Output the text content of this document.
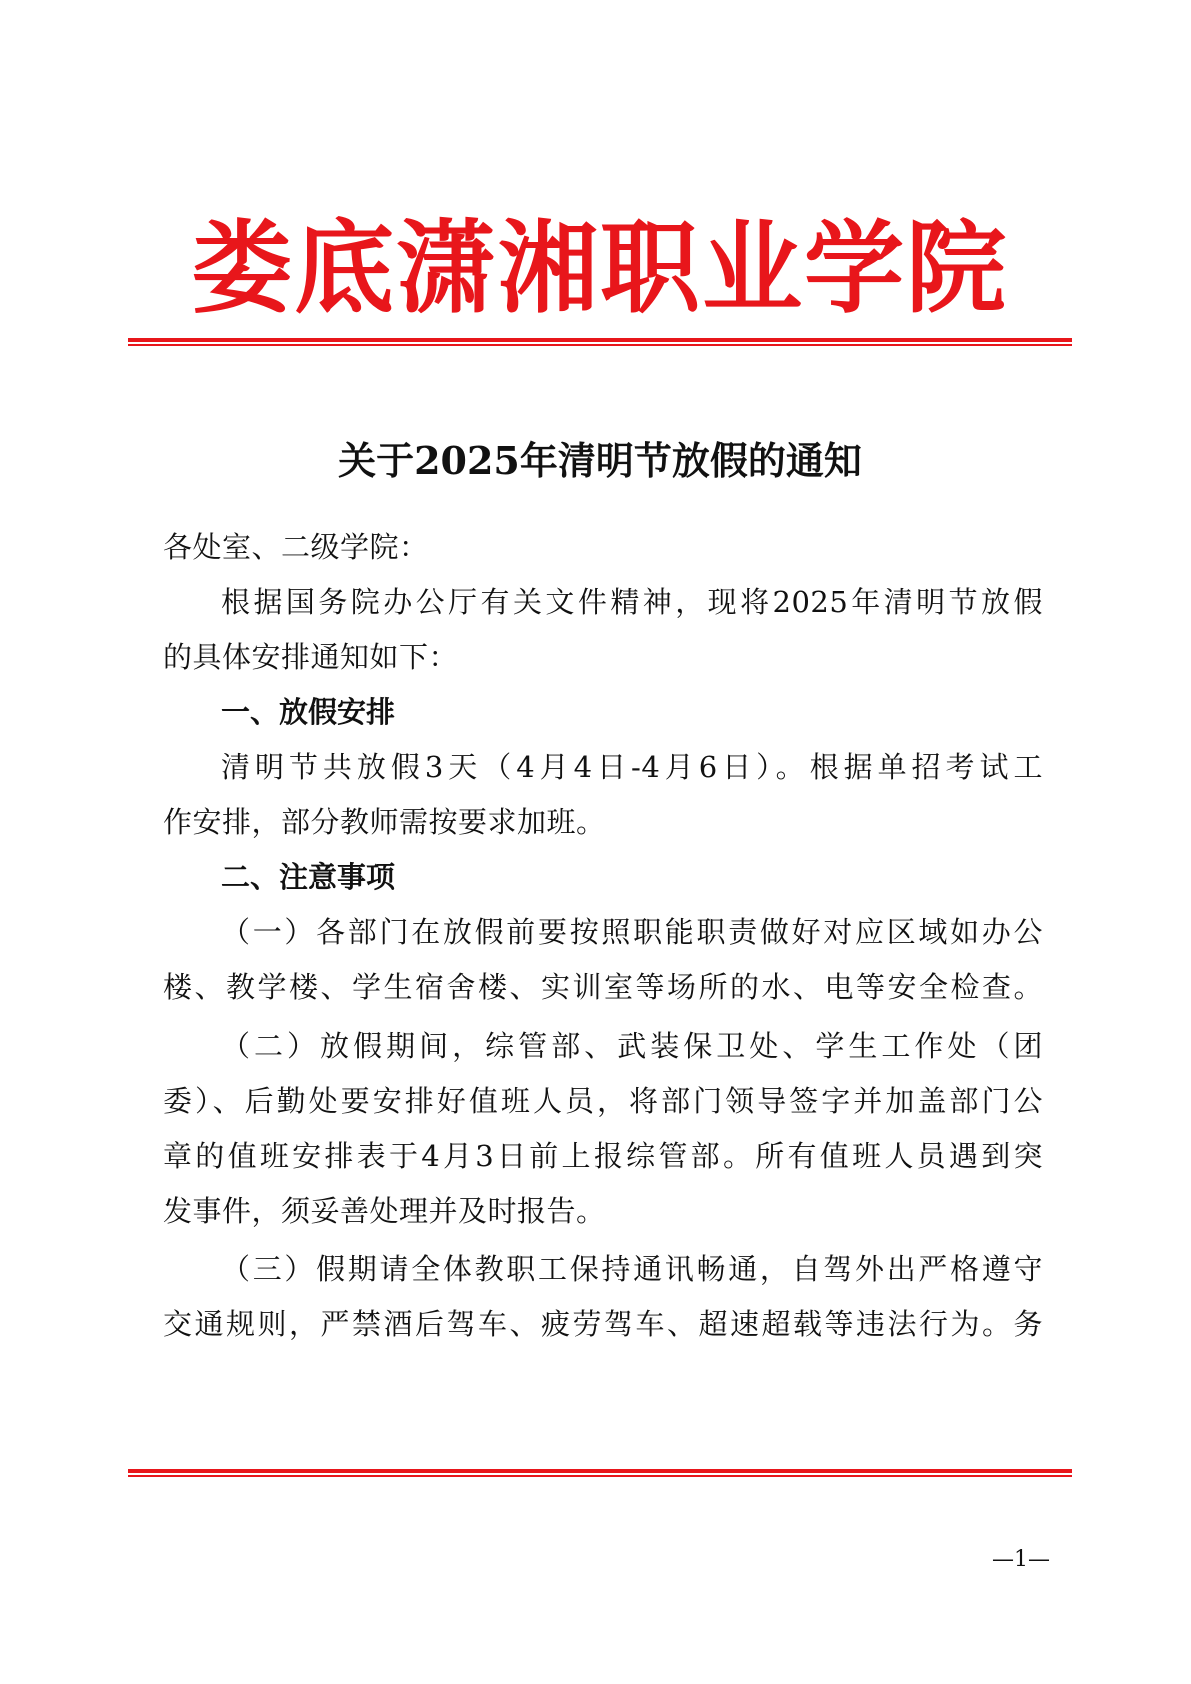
娄底潇湘职业学院
关于2025年清明节放假的通知
各处室、二级学院：
根据国务院办公厅有关文件精神，现将2025年清明节放假
的具体安排通知如下：
一、放假安排
清明节共放假3天（4月4日-4月6日）。根据单招考试工
作安排，部分教师需按要求加班。
二、注意事项
（一）各部门在放假前要按照职能职责做好对应区域如办公
楼、教学楼、学生宿舍楼、实训室等场所的水、电等安全检查。
（二）放假期间，综管部、武装保卫处、学生工作处（团
委）、后勤处要安排好值班人员，将部门领导签字并加盖部门公
章的值班安排表于4月3日前上报综管部。所有值班人员遇到突
发事件，须妥善处理并及时报告。
（三）假期请全体教职工保持通讯畅通，自驾外出严格遵守
交通规则，严禁酒后驾车、疲劳驾车、超速超载等违法行为。务
—1—
